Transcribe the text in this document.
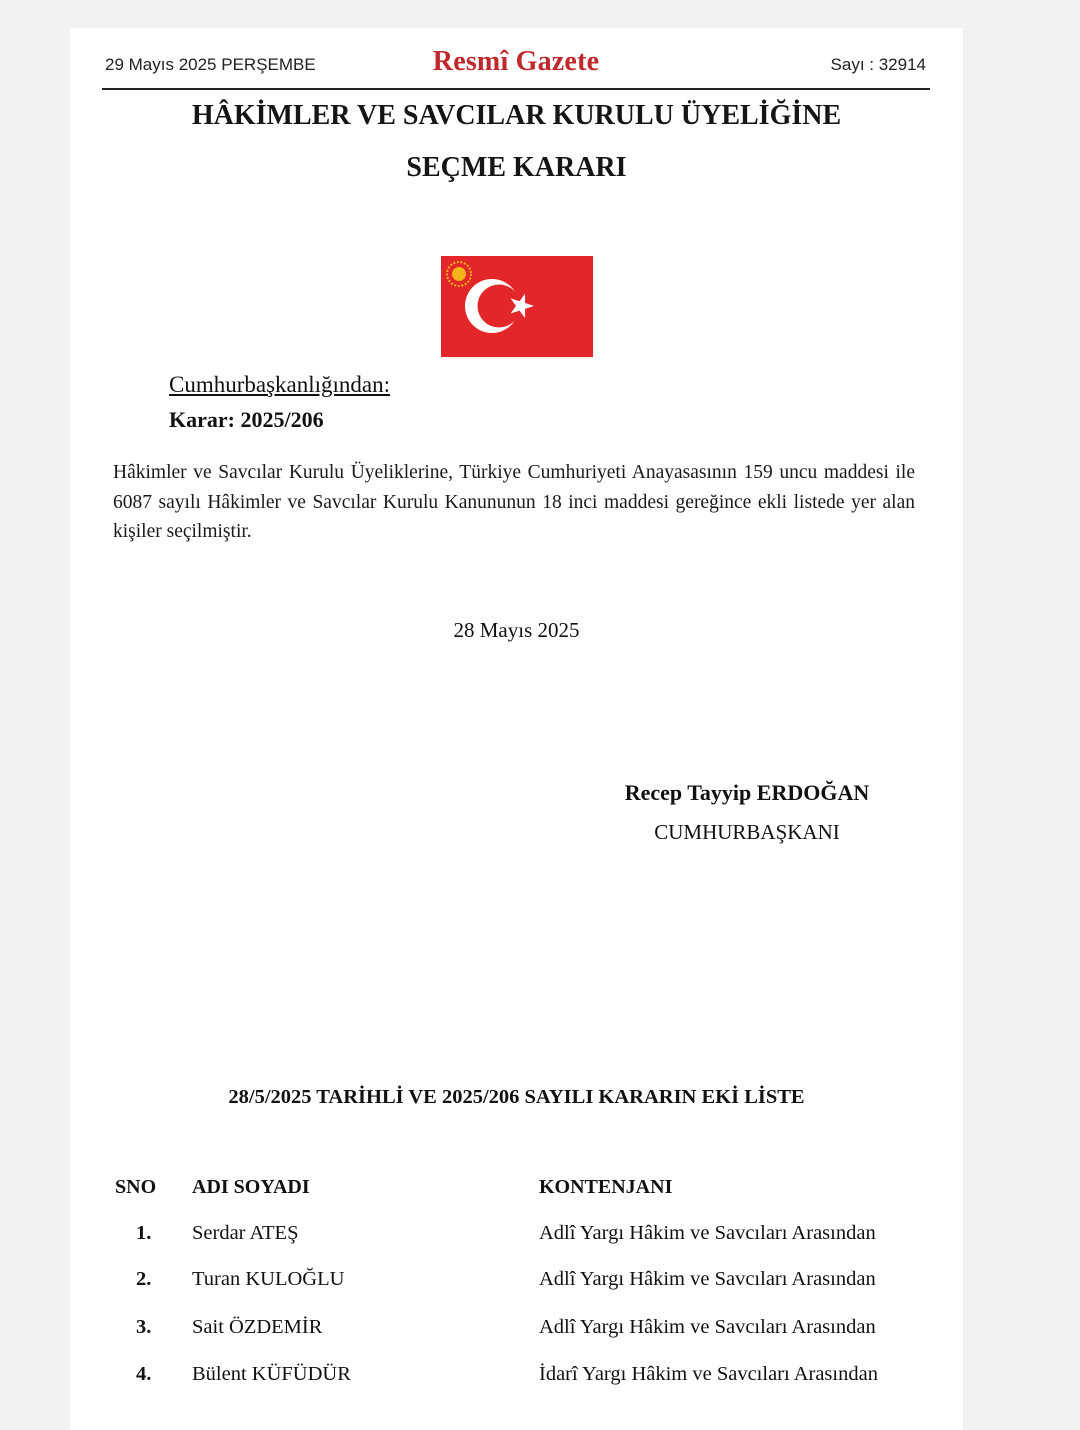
29 Mayıs 2025 PERŞEMBE	Resmî Gazete	Sayı : 32914
HÂKİMLER VE SAVCILAR KURULU ÜYELİĞİNE
SEÇME KARARI
Cumhurbaşkanlığından:
Karar: 2025/206

Hâkimler ve Savcılar Kurulu Üyeliklerine, Türkiye Cumhuriyeti Anayasasının 159 uncu maddesi ile 6087 sayılı Hâkimler ve Savcılar Kurulu Kanununun 18 inci maddesi gereğince ekli listede yer alan kişiler seçilmiştir.

28 Mayıs 2025
Recep Tayyip ERDOĞAN
CUMHURBAŞKANI
28/5/2025 TARİHLİ VE 2025/206 SAYILI KARARIN EKİ LİSTE
SNO ADI SOYADI	KONTENJANI
1. Serdar ATEŞ	Adlî Yargı Hâkim ve Savcıları Arasından
2. Turan KULOĞLU	Adlî Yargı Hâkim ve Savcıları Arasından
3. Sait ÖZDEMİR	Adlî Yargı Hâkim ve Savcıları Arasından
4. Bülent KÜFÜDÜR	İdarî Yargı Hâkim ve Savcıları Arasından
